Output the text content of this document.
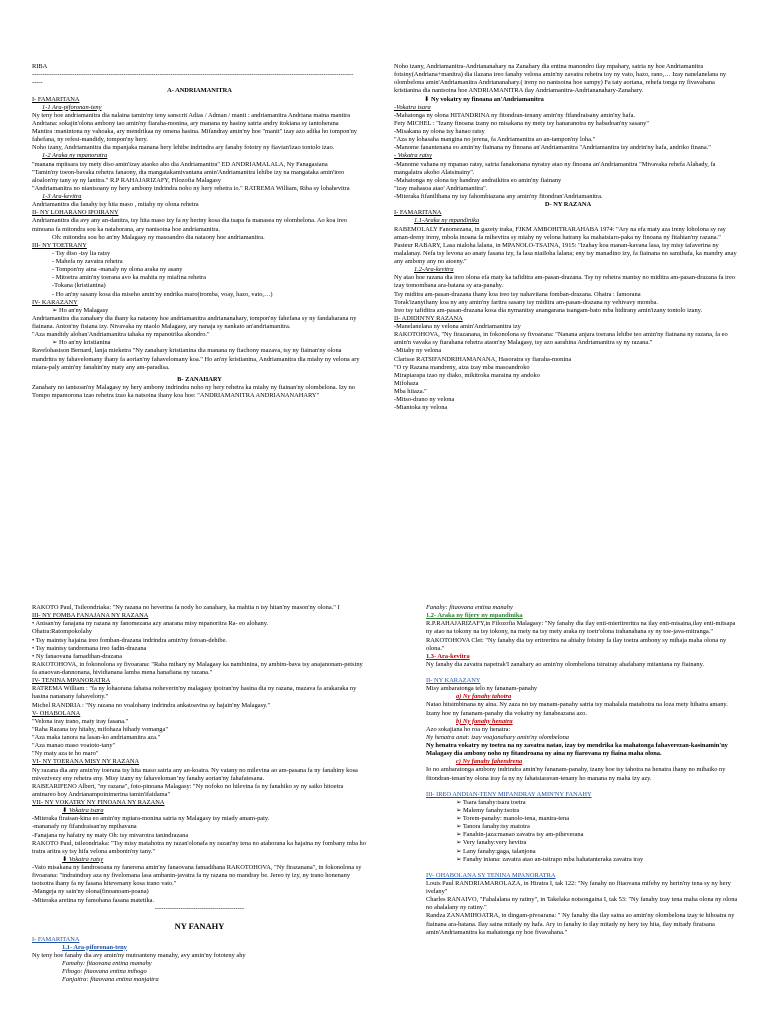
RIBA
-------------------------------------------------------------------------------------------------------------------------------------------------------
-----
A- ANDRIAMANITRA
I- FAMARITANA
1-1 Ara-piforonan-teny
Ny teny hoe andriamanitra dia nalaina tamin'ny teny sanscrit Adias / Adman / manit : andriamanitra Andriana maina manitra
Andriana: sokajin'olona ambony tao amin'ny fiaraha-monina, ary manana ny hasiny satria andry itokiana sy iantoherana
Manitra :manintona ny vahoaka, ary mendrikaa ny omena hasina. Mifandray amin'ny hoe "manit" izay azo adika ho tompon'ny fahefana, ny refesi-mandidy, tompon'ny hery.
Noho izany, Andriamanitra dia mpanjaka manana hery lehibe indrindra ary fanahy fototry ny fiavian'izao tontolo izao.
1-2 Araka ny mpanoratra
"manana mpitsara tsy mety diso amin'izay ataoko aho dia Andriamanitra" ED ANDRIAMALALA, Ny Fanagasiana
"Tamin'ny toeon-bavaka rehetra fanaony, dia mangatakamivantana amin'Andriamanitra lehibe izy na mangataka amin'ireo aloalon'ny tany sy ny lanitra." R.P RAHAJARIZAFY, Filozofia Malagasy
"Andriamanitra no niantsoany ny hery ambony indrindra noho ny hery rehetra io." RATREMA William, Riba sy lohahevitra
1-3 Ara-kevitra
Andriamanitra dia fanahy tsy hita maso , mitahy ny olona rehetra
II- NY LOHARANO IPOIRANY
Andriamanitra dia avy any an-danitra, tsy hita maso izy fa ny heriny kosa dia tsapa fa manasea ny olombelona. Ao koa ireo minoana fa mitondra sou ka nataborana, ary nantsoina hoe andriamanitra.
Oh: mitondra sou ho an'ny Malagasy ny masoandro dia nataony hoe andriamanitra.
III- NY TOETRANY
- Tsy diso -tsy lia ratsy
- Mahefa ny zavatra rehetra
- Tompon'ny aina -manaly ny olona araka ny asany
- Mitoetra amin'ny toerana avo ka mahita ny miafina rehetra
-Tokana (kristianina)
- Ho an'ny sasany kosa dia miseho amin'ny endrika maro(tromba, voay, hazo, vato,…)
IV- KARAZANY
➢ Ho an'ny Malagasy
Andriamanitra dia zanahary dia ihany ka nataony hoe andriamanitra andriananahary, tompon'ny fahefana sy ny fandaharana ny fiainana. Anton'ny fisiana izy. Nivavaka ny ntaolo Malagasy, ary nanaja sy nankato an'andriamanitra.
"Aza mandidy aloban'Andriamanitra tahaka ny mpanotrika akondro."
➢ Ho an'ny kristianina
Ravelohasison Bernard, lanja mieketra "Ny zanahary kristianina dia manana ny fiachony mazava, tsy ny fiainan'ny olona mandritra ny fahavelomany ihany fa aorian'ny fahavelomany koa." Ho an'ny kristianina, Andriamanitra dia miahy ny velona ary miara-paly amin'ny fanahin'ny maty any am-paradisa.
B- ZANAHARY
Zanahary no iantsoan'ny Malagasy ny hery ambony indrindra noho ny hery rehetra ka miahy ny fiainan'ny olombelona. Izy no Tompo mpamorona izao rehetra izao ka natsoina ihany koa hoe: "ANDRIAMANITRA ANDRIANANAHARY"
Noho izany, Andriamanitra-Andriananahary na Zanahary dia entina manondro ilay mpahary, satria ny hoe Andriamanitra fotsiny(Andriana+manitra) dia ilazana ireo fanahy velona amin'ny zavatra rehetra toy ny vato, hazo, rano,… Izay nanelanelana ny olombelona amin'Andriamanitra Andriananahary.( ireny no nantsoina hoe sampy) Fa taty aoriana, rehefa tonga ny fivavahana kristianina dia nantsoina hoe ANDRIAMANITRA ilay Andriamanitra-Andriananahary-Zanahary.
⬇ Ny vokatry ny finoana an'Andriamanitra
-Vokatra tsara
-Mahatonga ny olona HITANDRINA ny fitondran-tenany amin'ny fifandraisany amin'ny hafa.
Fety MICHEL : "Izany finoana izany no misakana ny mety tsy hanaranotra ny habadoan'ny sasany"
-Misakana ny olona tsy hanao ratsy
"Aza ny lohasaha mangina no jerena, fa Andriamanitra ao an-tampon'ny loha."
-Manome fanantenana eo amin'ny fiainana ny finoana an'Andriamanitra "Andriamanitra tsy andrin'ny hafa, andriko finana."
- Vokatra ratsy
-Manome vahana ny mpanao ratsy, satria fanakonana nyratsy atao ny finoana an'Andriamanitra "Mivavaka rehefa Alahady, fa mangalatra akoho Alatsinainy".
-Mahatonga ny olona tsy handray andraikitra eo amin'ny fiainany
"izay mahasoa atao' Andriamanitra".
-Miteraka fifanilihana ny tsy fahombiazana any amin'ny fitondran'Andriamanitra.
D- NY RAZANA
I- FAMARITANA
1.1-Araka ny mpandinika
RABEMOLALY Fanomezana, in gazety iraka, FJKM AMBOHITRARAHABA 1974: "Ary na efa maty aza ireny loholona sy ray aman-dreny ireny, mbola inoana fa mihevitra sy miahy ny velona hatrany ka mahatsiaro-paka ny finoana ny fitahian'ny razana."
Pasteur RABARY, Lasa nialoha lalana, in MPANOLO-TSAINA, 1915: "Izahay koa manan-kavana lasa, tsy misy tafaverina ny malalanay. Nefa tsy levona ao anaty fasana izy, fa lasa niaiIoha lalana; eny tsy manadino izy, fa fiainana no samihafa, ka mandry anay any ambony any no atoeny."
1.2-Ara-kevitra
Ny atao hoe razana dia ireo olona efa maty ka tafiditra am-pasan-drazana. Tsy ny rehetra mantsy no miditra am-pasan-drazana fa ireo izay tomombana ara-batana sy ara-panahy.
Tsy miditra am-pasan-drazana ihany koa ireo tsy nahavitana fomban-drazana. Ohatra : famorana
Torak'izanyihany koa ny any amin'ny faritra sasany tsy miditra am-pasan-drazana ny vehivavy momba.
Ireo tsy tafiditra am-pasan-drazana kosa dia nymanitsy anangarana tsangam-bato mba hidirany amin'izany tontolo izany.
II- ADIDIN'NY RAZANA
-Manelanelana ny velona amin'Andriamanitra izy
RAKOTOHOVA, "Ny firazanana, in fokonolona sy fivoarana: "Nanana anjara toerana lehibe teo amin'ny fiainana ny razana, fa eo amin'n vavaka sy fiarahana rehetra ataon'ny Malagasy, tsy azo aarahina Andriamanitra sy ny razana."
-Mitahy ny velona
Clarisse RATSIFANDRIHAMANANA, Hasoratra sy fiaraha-monina
"O ry Razana mandreny, aiza izay mba masoandroko
Mirapiarapa izao ny diako, mikitroka marainа ny andoko
Mifohaza
Mba hiiaza."
-Mitso-drano ny velona
-Miantoka ny velona
RAKOTO Paul, Tsileondriaka: "Ny razana no heverina fa nody ho zanahary, ka mahita n tsy hitan'ny mason'ny olona." I
III- NY FOMBA FANAJANA NY RAZANA
• Anisan'ny fanajana ny razana ny fanomezana azy anarana misy mpanoritra Ra- eo alohany.
Ohatra:Ratompokolahy
• Tsy maintsy hajaina ireo fomban-drazana indrindra amin'ny fotoan-dehibe.
• Tsy maintsy tandremana ireo fadin-drazana
• Ny fanaovana famadihan-drazana
RAKOTOHOVA, in fokonolona sy fivoarana: "Raha mihary ny Malagasy ka nambinina, ny ambim-bava tsy anajanonam-petsiny fa anaovan-dannonana, hividianana lamba mena hanafiana ny razana."
IV- TENINA MPANORATRA
RATREMA William : "fa ny lohaorana fahatsa noheverin'ny malagasy ipoiran'ny hasina dia ny razana, mazava fa arakaraka ny hasina nananany fahavelony."
Michel RANDRIA : "Ny razana no voalohany indrindra ankatoavina sy hajain'ny Malagasy."
V- OHABOLANA
"Velona iray trano, maty iray fasana."
"Raha Razana tsy hitahy, mifohaza hihady vomanga"
"Aza maka tanora na lasan-ko andriamanitra aza."
"Aza manao maso voatoto-tany"
"Ny maty aza te ho maro"
VI- NY TOERANA MISY NY RAZANA
Ny razana dia any amin'ny toerana tsy hita maso satria any an-koatra. Ny vatany no milevina ao am-pasana fa ny fanahiny kosa mivezivezy eny rehetra eny. Misy izany ny fahavelomanʼny fanahy aorian'ny fahafatesana.
RABEARIFENO Albert, "ny razana", foto-pinoana Malagasy: "Ny nofoko no hilevina fa ny fanahiko sy ny saiko hitoetra aminareo hoy Andrianampoinimerina tamin'ifaidama"
VII- NY VOKATRY NY FINOANA NY RAZANA
⬇ Vokatra tsara
-Miteraka firaisan-kina eo amin'ny mpiara-monina satria ny Malagasy tsy miady amam-paty.
-mananafy ny fifandraisan'ny mpihavana
-Fanajana ny hafatry ny maty Oh: tsy mivarotra tanindrazana
RAKOTO Paul, tsileondriaka: "Tsy misy matahotra ny razan'olonafa ny razan'ny tena no atahorana ka hajaina ny fombany mba ho tratra aritra sy tsy hifa velona ambonin'ny tany."
⬇ Vokatra ratsy
-Vato misakana ny fandrosoana ny fanerena amin'ny fanaovana famadihana RAKOTOHOVA, "Ny firazanana", in fokonolona sy fivoarana: "indraindray aza ny fivelomana lasa ambanin-javatra fa ny razana no mandray be. Jereo ty izy, ny trano honenany tsotsotra ihany fa ny fasana hitevenany kosa trano vato."
-Mangeja ny sain'ny olona(finoanoam-poana)
-Miteraka aretina ny famohana fasana matetika.
------------------------------------------
NY FANAHY
I- FAMARITANA
1.1- Ara-piforonan-teny
Ny teny hoe fanahy dia avy amin'ny mutoanteny manahy, avy amin'ny fototeny ahy
Famahy: fitaovana entina mamahy
Fihogo: fitaovana entina mihogo
Fanjaitra: fitaovana entina manjaitra
Fanahy: fitaovana entina manahy
1.2- Araka ny fijery ny mpandinika
R.P.RAHAJARIZAFY,in Filozofia Malagasy: "Ny fanahy dia ilay enti-mieritreritra na ilay enti-misaina,ilay enti-mitsapa ny atao na tokony na tsy tokony, na mety na tsy mety araka ny toetr'olona irahanahana sy ny toe-java-mitranga."
RAKOTOHOVA Clet: "Ny fanahy dia tsy eritreritra na ahiahy fotsiny fa ilay toetra ambony sy mihaja maha olona ny olona."
1.3- Ara-kevitra
Ny fanahy dia zavatra napetrak'I zanahary ao amin'ny olombelona tsirairay ahafahany mitantana ny fiainany.
II- NY KARAZANY
Misy ambaratonga telo ny fananam-panahy
a) Ny fanahy tahotra
Natao hitsimbinana ny aina. Ny zaza no tsy manam-panahy satria tsy mahalala matahotra na loza mety hihatra amany. Izany hoe ny fananam-panahy dia vokatry ny fanabeazana azo.
b) Ny fanahy henatra
Azo sokajiana ho roa ny henatra:
Ny henatra anat: izay voajanahary amin'ny olombelona
Ny henatra vokatry ny toetra na ny zavatra natao, izay tsy mendrika ka mahatonga fahaverezan-kasinamin'ny Malagasy dia ambony noho ny fitandroana ny aina ny fiarovana ny fiaina maha olona.
c) Ny fanahy fahendrena
Io no ambaratonga ambony indrindra amin'ny fananam-panahy, izany hoe tsy tahotra na henatra ihany no mibaiko ny fitondran-tenan'ny olona iray fa ny ny fahatsiaravan-tenany ho manana ny maha izy azy.
III- IREO ANDIAN-TENY MIFANDRAY AMIN'NY FANAHY
➢ Tsara fanahy:tsara toetra
➢ Malemy fanahy:tsotra
➢ Torem-panahy: manolo-tena, manira-tena
➢ Tanora fanahy:tsy matotra
➢ Fanahin-jaza:manao zavatra tsy am-piheverana
➢ Very fanahy:very hevitra
➢ Lany fanahy:gaga, talanjona
➢ Fanahy iniana: zavatra atao an-tsitrapo mba hahatanteraka zavatra iray
IV- OHABOLANA SY TENINA MPANORATRA
Louis Paul RANDRIAMAROLAZA, in Hiratra I, tak 122: "Ny fanahy no fitaovana mifehy ny herin'ny tena sy ny hery ivelany"
Charles RANAIVO, "Fahalalana ny ratiny", in Takelaka notsongaina I, tak 53: "Ny fanahy izay tena maha olona ny olona no ahalalany ny ratiny."
Randza ZANAMIHOATRA, in dingam-pivoarana: " Ny fanahy dia ilay saina ao amin'ny olombelona izay te hihoatra ny fiainana ara-batana. Ilay saina mitady ny hafa. Ary io fanahy io ilay mitady ny hery tsy hita, ilay mitady firaisana amin'Andriamanitra ka mahatonga ny hoe fivavahana."
